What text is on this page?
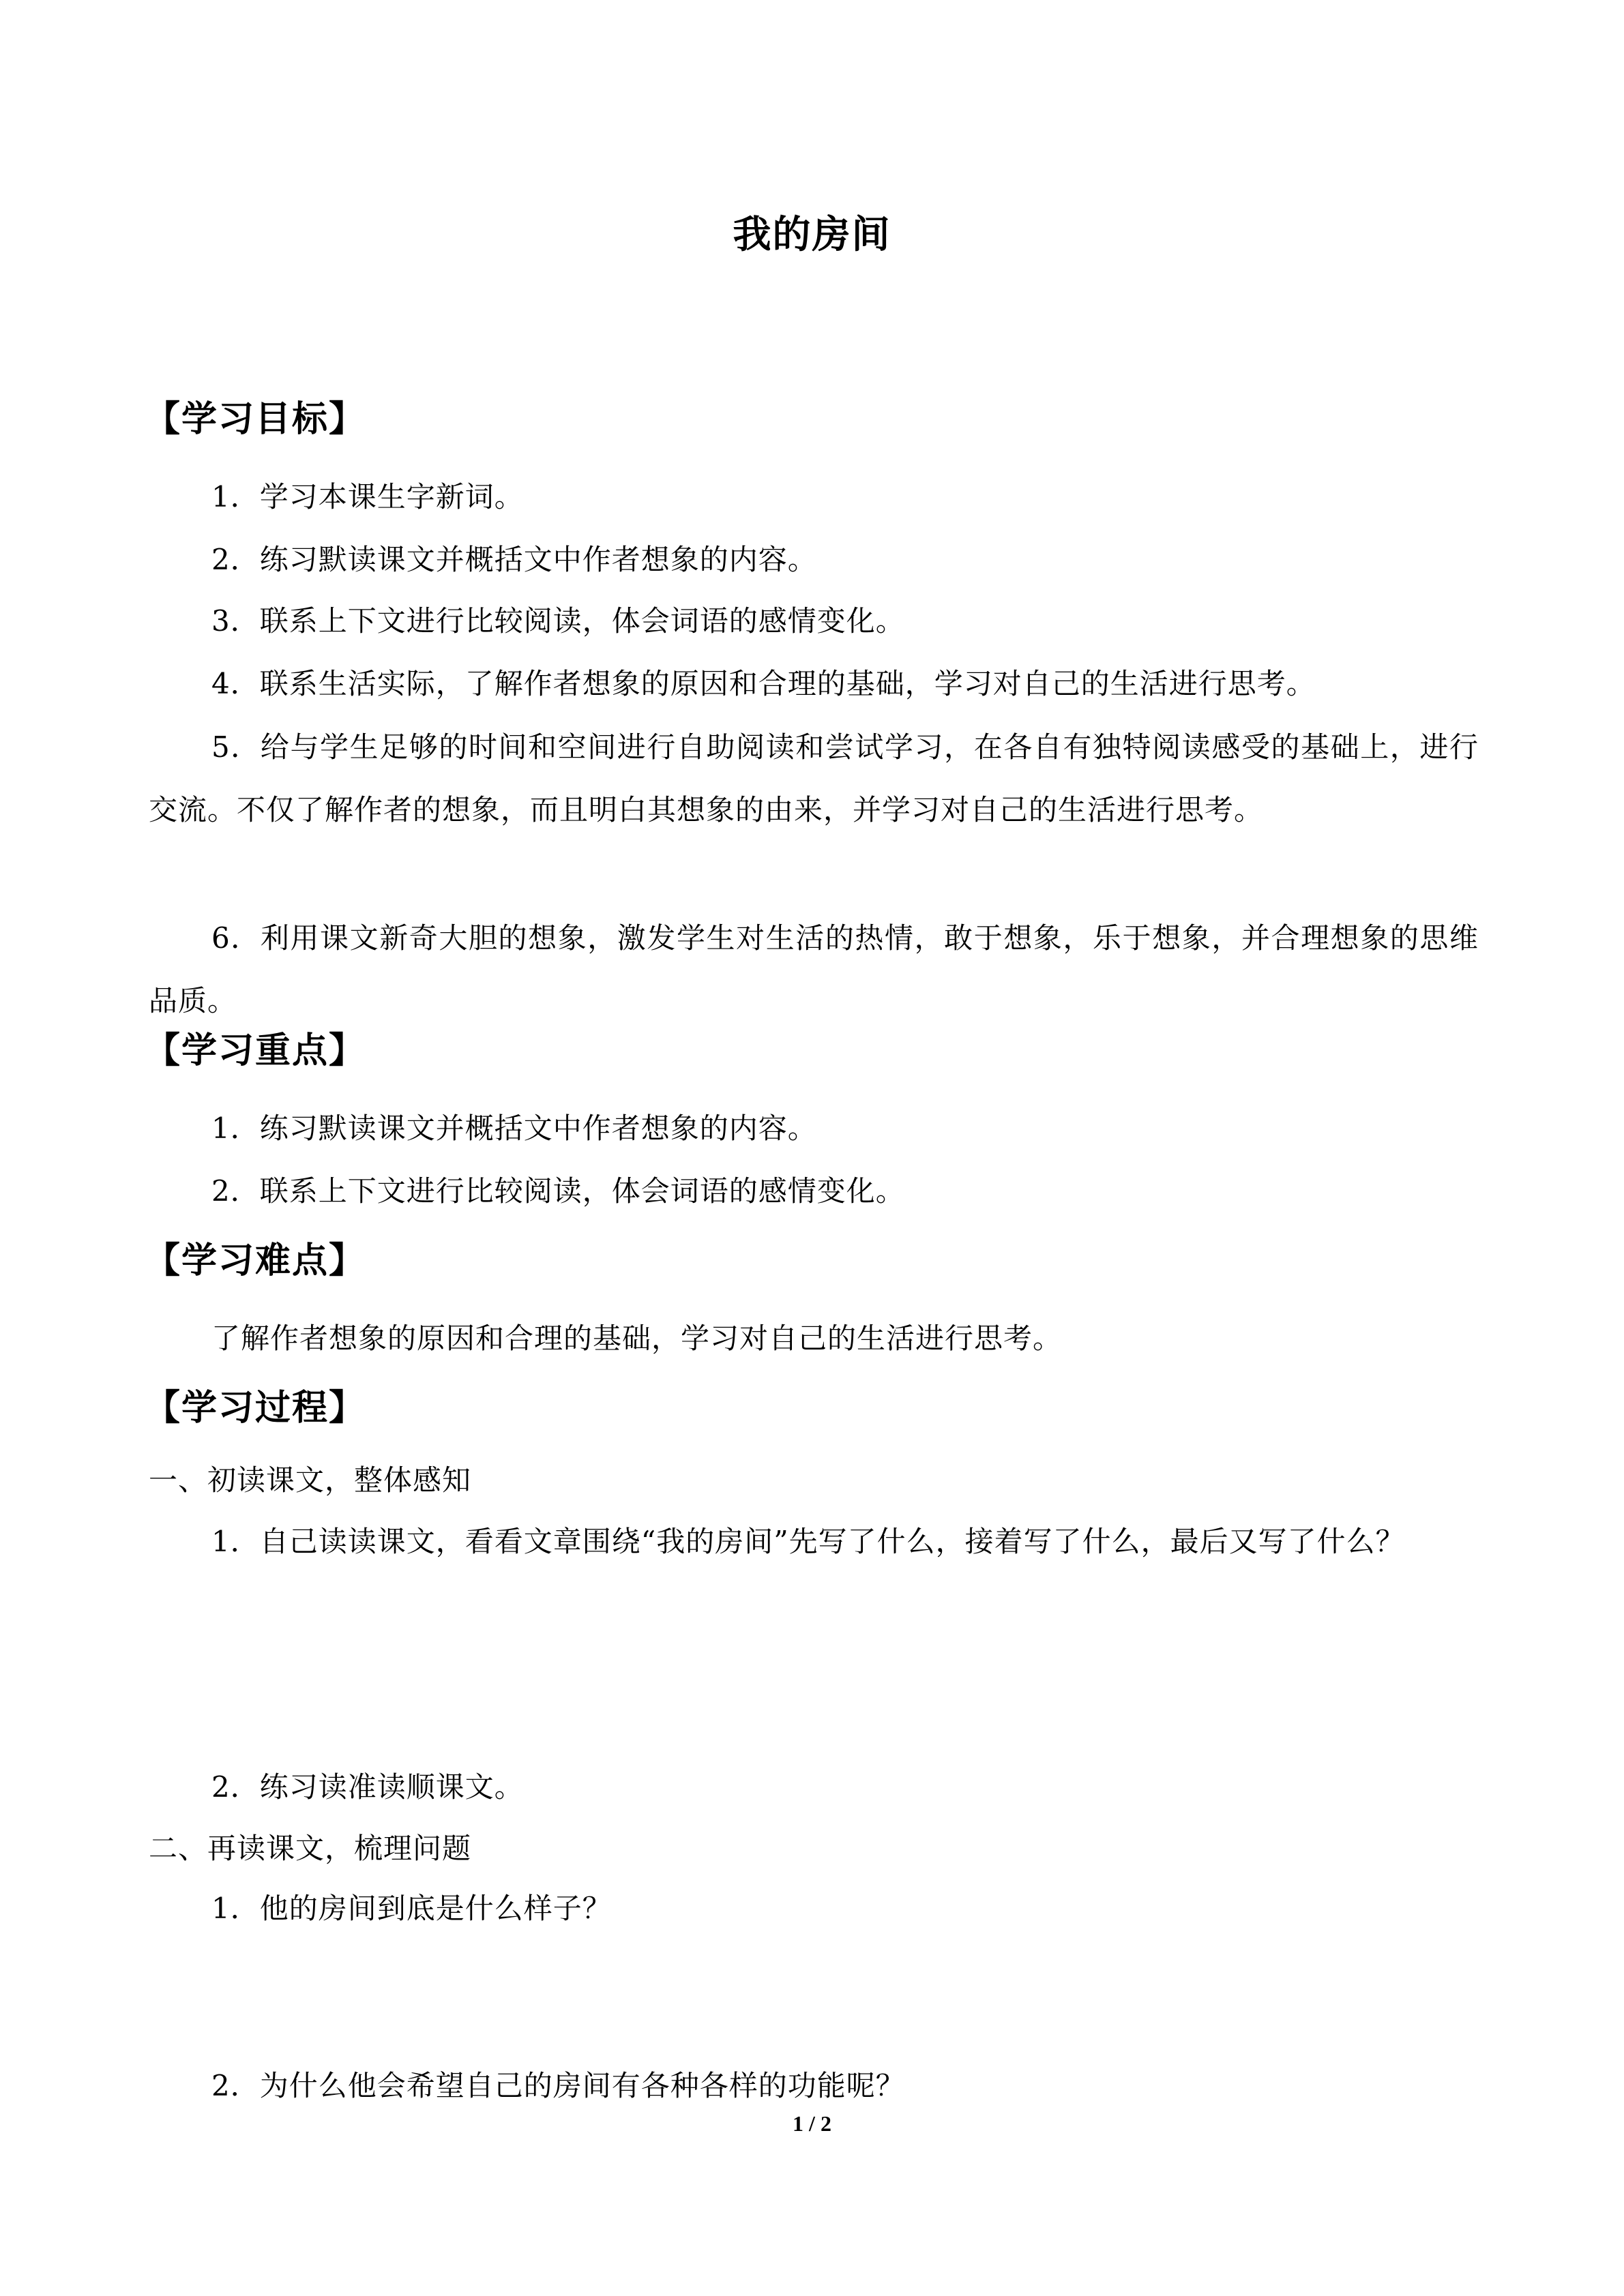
我的房间
【学习目标】
1．学习本课生字新词。
2．练习默读课文并概括文中作者想象的内容。
3．联系上下文进行比较阅读，体会词语的感情变化。
4．联系生活实际，了解作者想象的原因和合理的基础，学习对自己的生活进行思考。
5．给与学生足够的时间和空间进行自助阅读和尝试学习，在各自有独特阅读感受的基础上，进行交流。不仅了解作者的想象，而且明白其想象的由来，并学习对自己的生活进行思考。
6．利用课文新奇大胆的想象，激发学生对生活的热情，敢于想象，乐于想象，并合理想象的思维品质。
【学习重点】
1．练习默读课文并概括文中作者想象的内容。
2．联系上下文进行比较阅读，体会词语的感情变化。
【学习难点】
了解作者想象的原因和合理的基础，学习对自己的生活进行思考。
【学习过程】
一、初读课文，整体感知
1．自己读读课文，看看文章围绕“我的房间”先写了什么，接着写了什么，最后又写了什么？
2．练习读准读顺课文。
二、再读课文，梳理问题
1．他的房间到底是什么样子？
2．为什么他会希望自己的房间有各种各样的功能呢？
1 / 2
